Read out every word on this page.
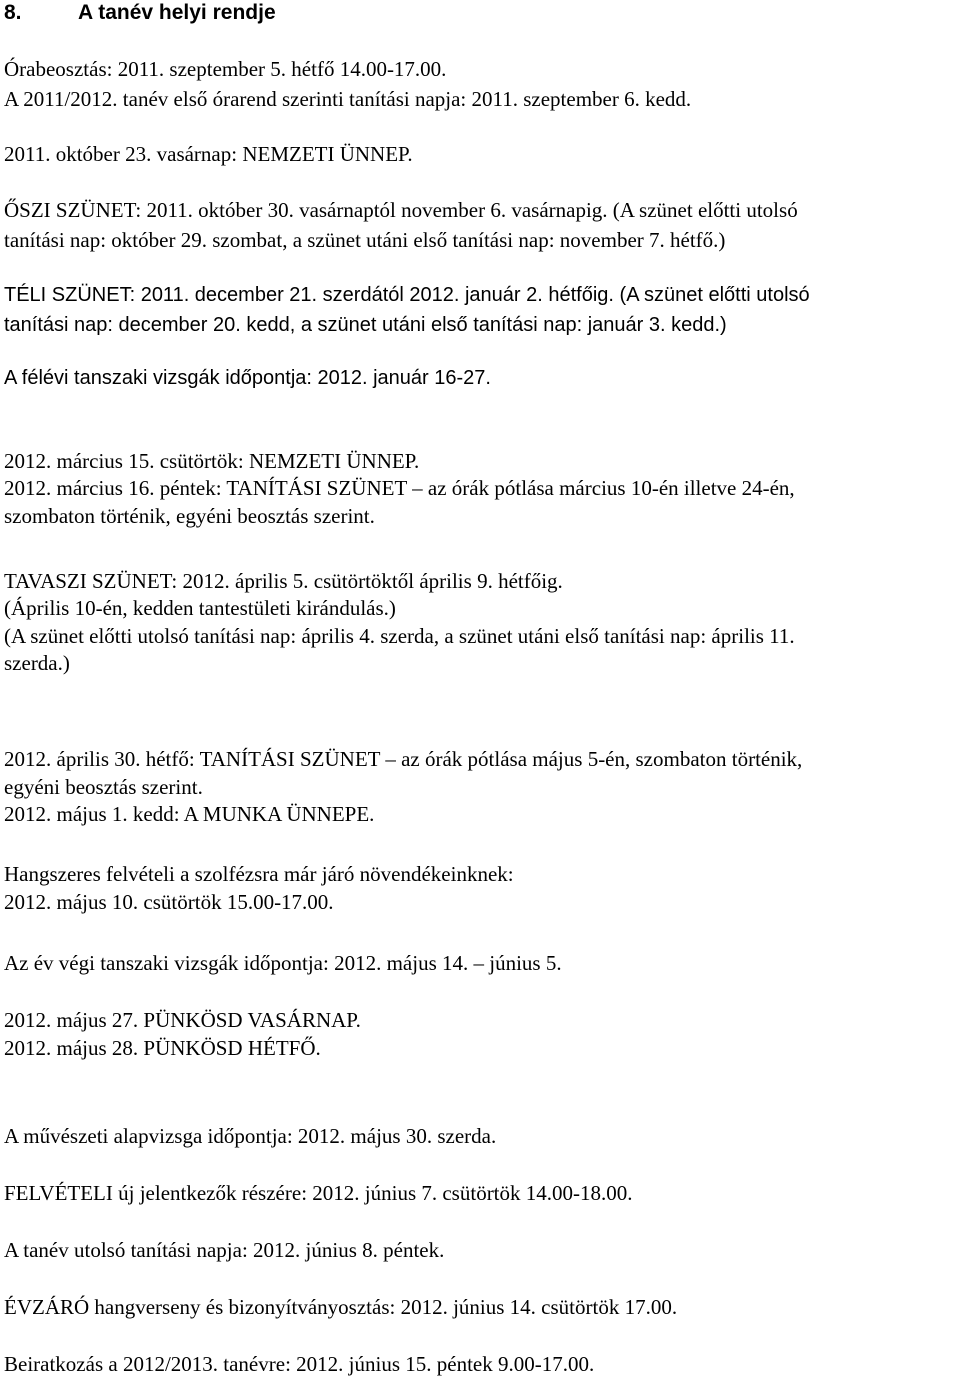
8.	A tanév helyi rendje

Órabeosztás: 2011. szeptember 5. hétfő 14.00-17.00.

A 2011/2012. tanév első órarend szerinti tanítási napja: 2011. szeptember 6. kedd.

2011. október 23. vasárnap: NEMZETI ÜNNEP.

ŐSZI SZÜNET: 2011. október 30. vasárnaptól november 6. vasárnapig. (A szünet előtti utolsó

tanítási nap: október 29. szombat, a szünet utáni első tanítási nap: november 7. hétfő.)

TÉLI SZÜNET: 2011. december 21. szerdától 2012. január 2. hétfőig. (A szünet előtti utolsó

tanítási nap: december 20. kedd, a szünet utáni első tanítási nap: január 3. kedd.)

A félévi tanszaki vizsgák időpontja: 2012. január 16-27.

2012. március 15. csütörtök: NEMZETI ÜNNEP.

2012. március 16. péntek: TANÍTÁSI SZÜNET – az órák pótlása március 10-én illetve 24-én,

szombaton történik, egyéni beosztás szerint.

TAVASZI SZÜNET: 2012. április 5. csütörtöktől április 9. hétfőig.

(Április 10-én, kedden tantestületi kirándulás.)

(A szünet előtti utolsó tanítási nap: április 4. szerda, a szünet utáni első tanítási nap: április 11.

szerda.)

2012. április 30. hétfő: TANÍTÁSI SZÜNET – az órák pótlása május 5-én, szombaton történik,

egyéni beosztás szerint.

2012. május 1. kedd: A MUNKA ÜNNEPE.

Hangszeres felvételi a szolfézsra már járó növendékeinknek:

2012. május 10. csütörtök 15.00-17.00.

Az év végi tanszaki vizsgák időpontja: 2012. május 14. – június 5.

2012. május 27. PÜNKÖSD VASÁRNAP.

2012. május 28. PÜNKÖSD HÉTFŐ.

A művészeti alapvizsga időpontja: 2012. május 30. szerda.

FELVÉTELI új jelentkezők részére: 2012. június 7. csütörtök 14.00-18.00.

A tanév utolsó tanítási napja: 2012. június 8. péntek.

ÉVZÁRÓ hangverseny és bizonyítványosztás: 2012. június 14. csütörtök 17.00.

Beiratkozás a 2012/2013. tanévre: 2012. június 15. péntek 9.00-17.00.
